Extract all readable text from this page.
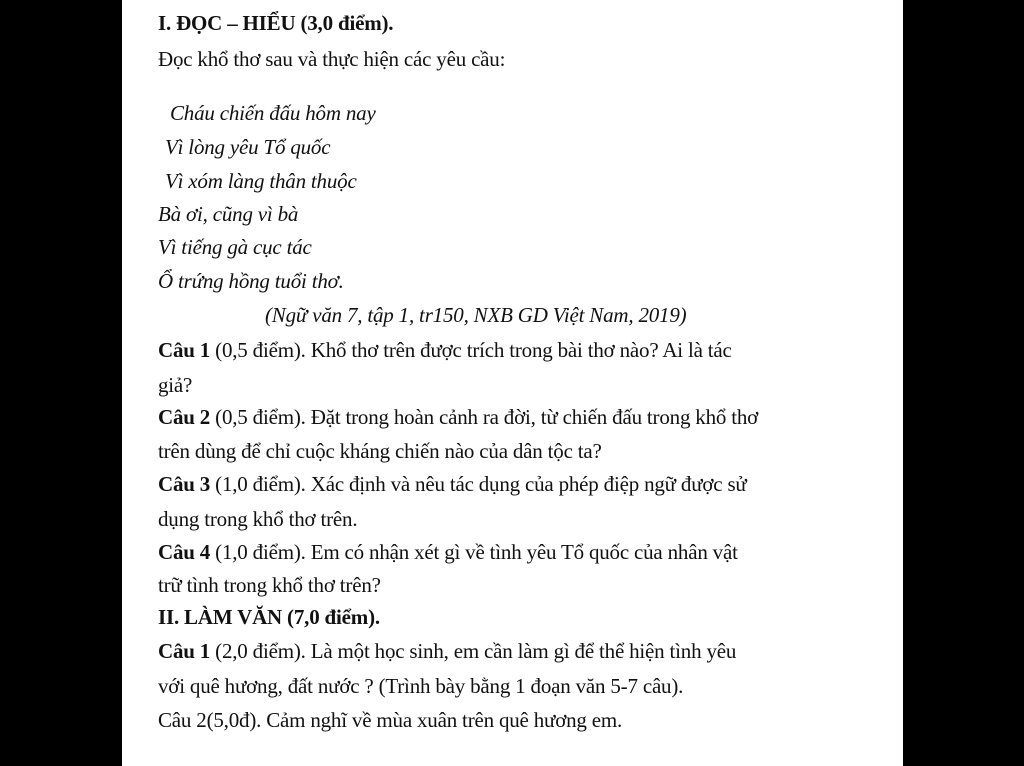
I. ĐỌC – HIỂU (3,0 điểm).
Đọc khổ thơ sau và thực hiện các yêu cầu:
Cháu chiến đấu hôm nay
Vì lòng yêu Tổ quốc
Vì xóm làng thân thuộc
Bà ơi, cũng vì bà
Vì tiếng gà cục tác
Ổ trứng hồng tuổi thơ.
(Ngữ văn 7, tập 1, tr150, NXB GD Việt Nam, 2019)
Câu 1 (0,5 điểm). Khổ thơ trên được trích trong bài thơ nào? Ai là tác
giả?
Câu 2 (0,5 điểm). Đặt trong hoàn cảnh ra đời, từ chiến đấu trong khổ thơ
trên dùng để chỉ cuộc kháng chiến nào của dân tộc ta?
Câu 3 (1,0 điểm). Xác định và nêu tác dụng của phép điệp ngữ được sử
dụng trong khổ thơ trên.
Câu 4 (1,0 điểm). Em có nhận xét gì về tình yêu Tổ quốc của nhân vật
trữ tình trong khổ thơ trên?
II. LÀM VĂN (7,0 điểm).
Câu 1 (2,0 điểm). Là một học sinh, em cần làm gì để thể hiện tình yêu
với quê hương, đất nước ? (Trình bày bằng 1 đoạn văn 5-7 câu).
Câu 2(5,0đ). Cảm nghĩ về mùa xuân trên quê hương em.
